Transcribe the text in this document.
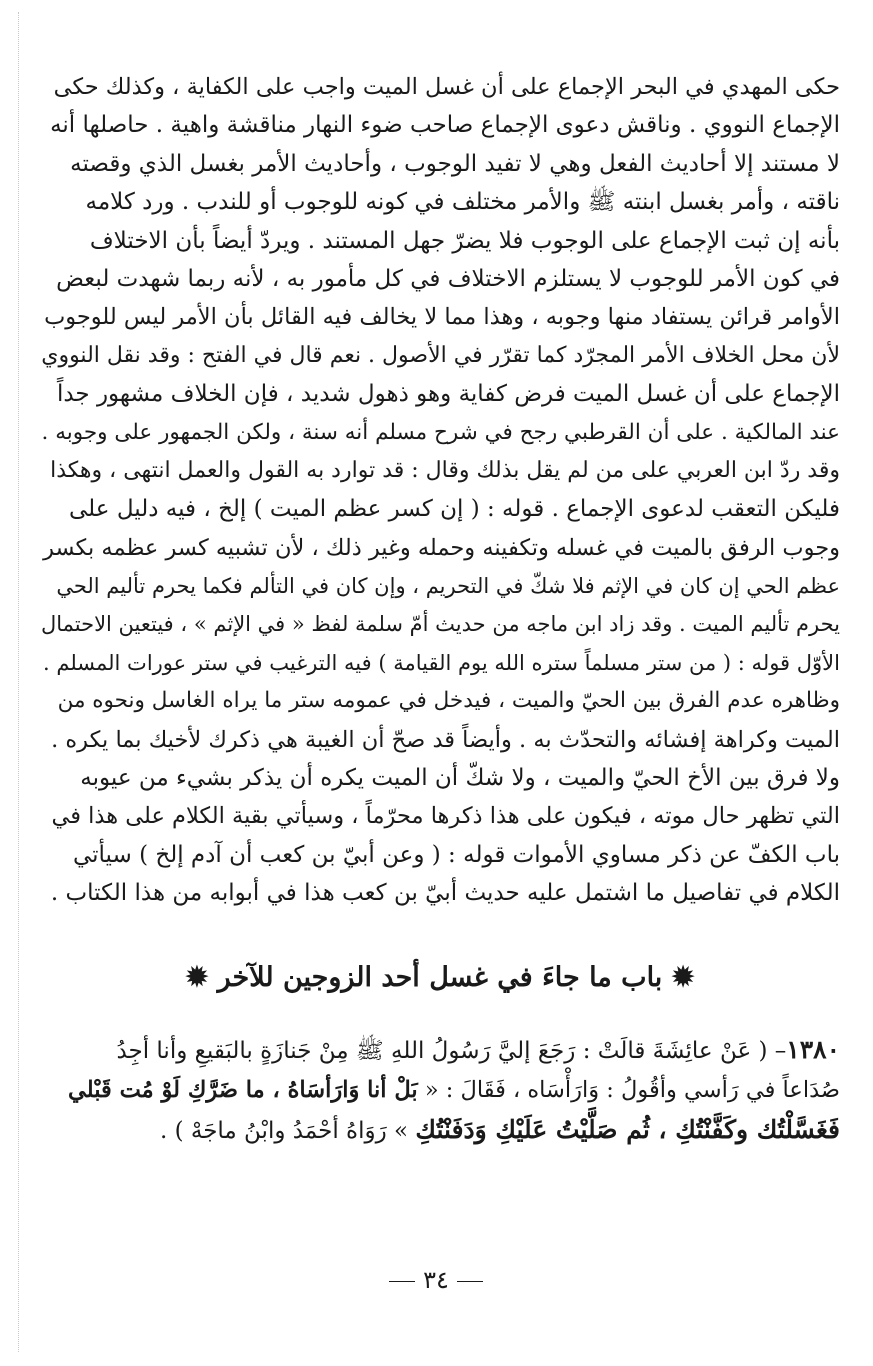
حكى المهدي في البحر الإجماع على أن غسل الميت واجب على الكفاية ، وكذلك حكى
الإجماع النووي . وناقش دعوى الإجماع صاحب ضوء النهار مناقشة واهية . حاصلها أنه
لا مستند إلا أحاديث الفعل وهي لا تفيد الوجوب ، وأحاديث الأمر بغسل الذي وقصته
ناقته ، وأمر بغسل ابنته ﷺ والأمر مختلف في كونه للوجوب أو للندب . ورد كلامه
بأنه إن ثبت الإجماع على الوجوب فلا يضرّ جهل المستند . ويردّ أيضاً بأن الاختلاف
في كون الأمر للوجوب لا يستلزم الاختلاف في كل مأمور به ، لأنه ربما شهدت لبعض
الأوامر قرائن يستفاد منها وجوبه ، وهذا مما لا يخالف فيه القائل بأن الأمر ليس للوجوب
لأن محل الخلاف الأمر المجرّد كما تقرّر في الأصول . نعم قال في الفتح : وقد نقل النووي
الإجماع على أن غسل الميت فرض كفاية وهو ذهول شديد ، فإن الخلاف مشهور جداً
عند المالكية . على أن القرطبي رجح في شرح مسلم أنه سنة ، ولكن الجمهور على وجوبه .
وقد ردّ ابن العربي على من لم يقل بذلك وقال : قد توارد به القول والعمل انتهى ، وهكذا
فليكن التعقب لدعوى الإجماع . قوله : ( إن كسر عظم الميت ) إلخ ، فيه دليل على
وجوب الرفق بالميت في غسله وتكفينه وحمله وغير ذلك ، لأن تشبيه كسر عظمه بكسر
عظم الحي إن كان في الإثم فلا شكّ في التحريم ، وإن كان في التألم فكما يحرم تأليم الحي
يحرم تأليم الميت . وقد زاد ابن ماجه من حديث أمّ سلمة لفظ « في الإثم » ، فيتعين الاحتمال
الأوّل قوله : ( من ستر مسلماً ستره الله يوم القيامة ) فيه الترغيب في ستر عورات المسلم .
وظاهره عدم الفرق بين الحيّ والميت ، فيدخل في عمومه ستر ما يراه الغاسل ونحوه من
الميت وكراهة إفشائه والتحدّث به . وأيضاً قد صحّ أن الغيبة هي ذكرك لأخيك بما يكره .
ولا فرق بين الأخ الحيّ والميت ، ولا شكّ أن الميت يكره أن يذكر بشيء من عيوبه
التي تظهر حال موته ، فيكون على هذا ذكرها محرّماً ، وسيأتي بقية الكلام على هذا في
باب الكفّ عن ذكر مساوي الأموات قوله : ( وعن أبيّ بن كعب أن آدم إلخ ) سيأتي
الكلام في تفاصيل ما اشتمل عليه حديث أبيّ بن كعب هذا في أبوابه من هذا الكتاب .
✹ باب ما جاءَ في غسل أحد الزوجين للآخر ✹
١٣٨٠– ( عَنْ عائِشَةَ قالَتْ : رَجَعَ إليَّ رَسُولُ اللهِ ﷺ مِنْ جَنازَةٍ بالبَقيعِ وأنا أجِدُ
صُدَاعاً في رَأسي وأقُولُ : وَارَأْسَاه ، فَقَالَ : « بَلْ أنا وَارَأسَاهُ ، ما ضَرَّكِ لَوْ مُت قَبْلي
فَغَسَّلْتُك وكَفَّنْتُكِ ، ثُم صَلَّيْتُ عَلَيْكِ وَدَفَنْتُكِ » رَوَاهُ أحْمَدُ وابْنُ ماجَهْ ) .
٣٤
